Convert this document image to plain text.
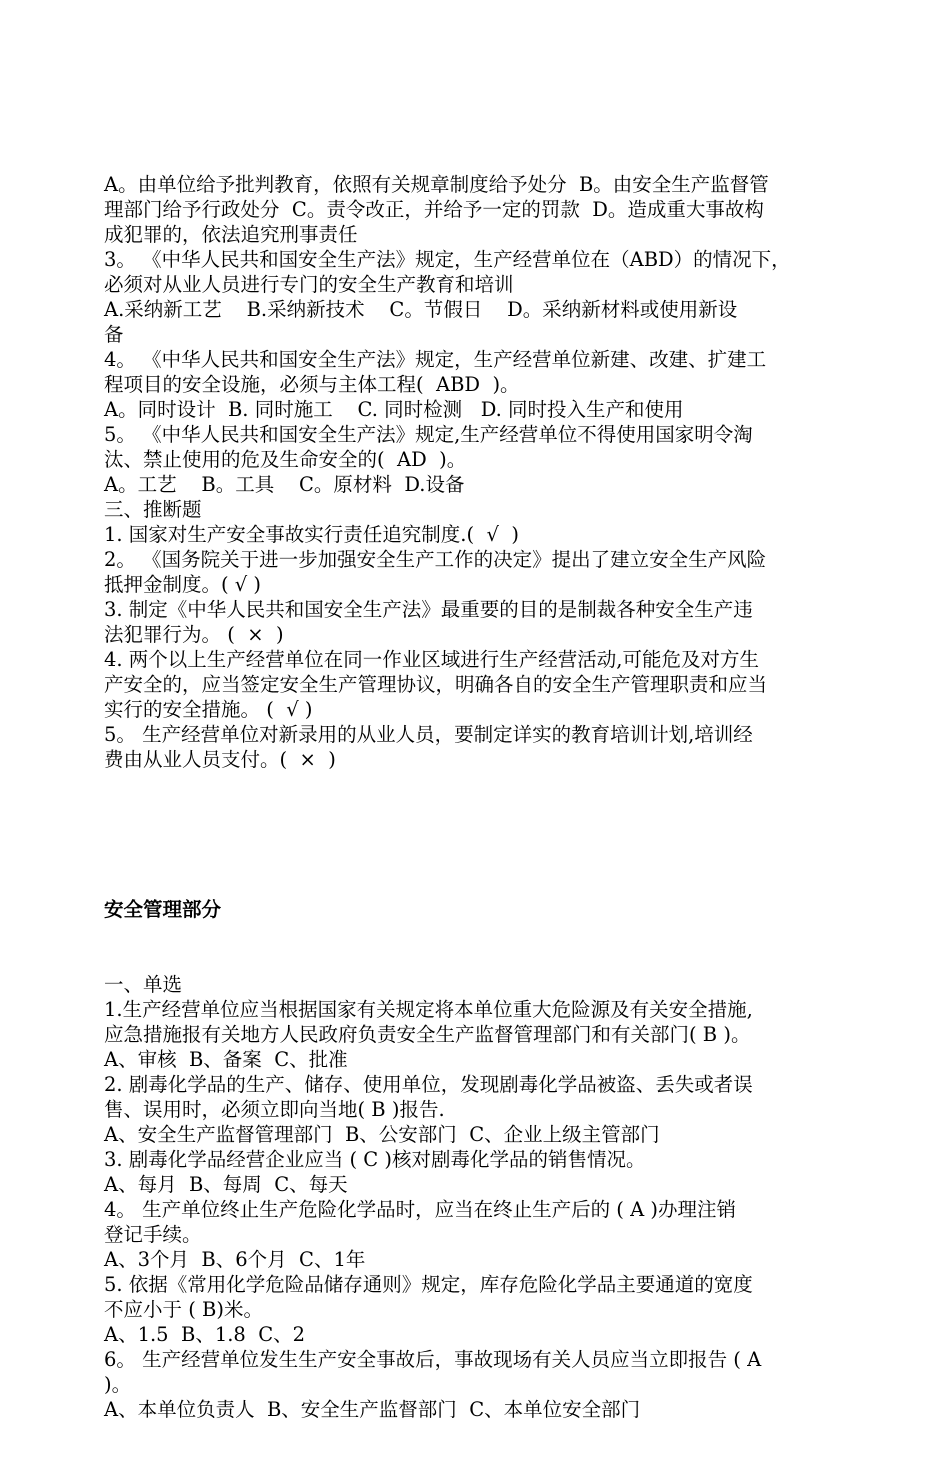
A。由单位给予批判教育，依照有关规章制度给予处分  B。由安全生产监督管
理部门给予行政处分  C。责令改正，并给予一定的罚款  D。造成重大事故构
成犯罪的，依法追究刑事责任
3。 《中华人民共和国安全生产法》规定，生产经营单位在（ABD）的情况下，
必须对从业人员进行专门的安全生产教育和培训
A.采纳新工艺    B.采纳新技术    C。节假日    D。采纳新材料或使用新设
备
4。 《中华人民共和国安全生产法》规定，生产经营单位新建、改建、扩建工
程项目的安全设施，必须与主体工程(  ABD  )。
A。同时设计  B. 同时施工    C. 同时检测   D. 同时投入生产和使用
5。 《中华人民共和国安全生产法》规定,生产经营单位不得使用国家明令淘
汰、禁止使用的危及生命安全的(  AD  )。
A。工艺    B。工具    C。原材料  D.设备
三、推断题
1. 国家对生产安全事故实行责任追究制度.(  √  )
2。 《国务院关于进一步加强安全生产工作的决定》提出了建立安全生产风险
抵押金制度。( √ )
3. 制定《中华人民共和国安全生产法》最重要的目的是制裁各种安全生产违
法犯罪行为。 (  ×  )
4. 两个以上生产经营单位在同一作业区域进行生产经营活动,可能危及对方生
产安全的，应当签定安全生产管理协议，明确各自的安全生产管理职责和应当
实行的安全措施。 (  √ )
5。 生产经营单位对新录用的从业人员，要制定详实的教育培训计划,培训经
费由从业人员支付。(  ×  )

安全管理部分

一、单选
1.生产经营单位应当根据国家有关规定将本单位重大危险源及有关安全措施,
应急措施报有关地方人民政府负责安全生产监督管理部门和有关部门( B )。
A、审核  B、备案  C、批准
2. 剧毒化学品的生产、储存、使用单位，发现剧毒化学品被盗、丢失或者误
售、误用时，必须立即向当地( B )报告.
A、安全生产监督管理部门  B、公安部门  C、企业上级主管部门
3. 剧毒化学品经营企业应当 ( C )核对剧毒化学品的销售情况。
A、每月  B、每周  C、每天
4。 生产单位终止生产危险化学品时，应当在终止生产后的 ( A )办理注销
登记手续。
A、3个月  B、6个月  C、1年
5. 依据《常用化学危险品储存通则》规定，库存危险化学品主要通道的宽度
不应小于 ( B)米。
A、1.5  B、1.8  C、2
6。 生产经营单位发生生产安全事故后，事故现场有关人员应当立即报告 ( A
)。
A、本单位负责人  B、安全生产监督部门  C、本单位安全部门
